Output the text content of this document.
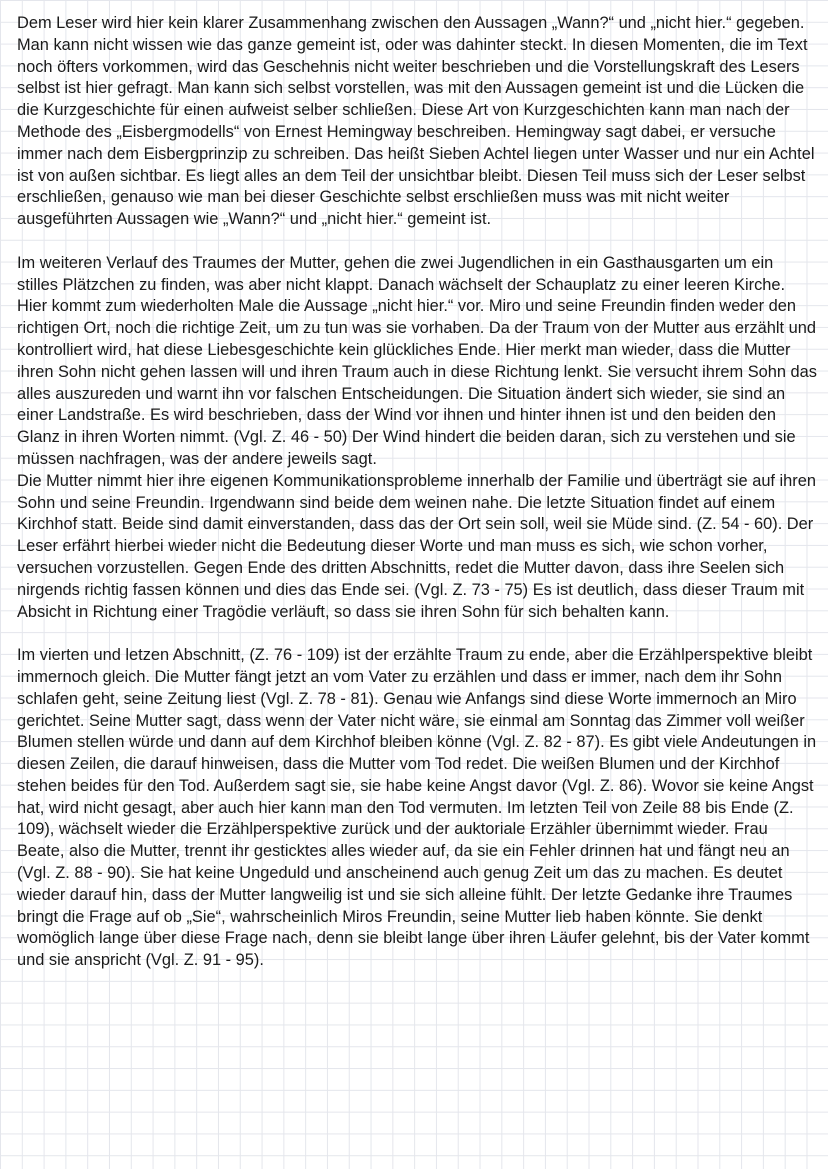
Dem Leser wird hier kein klarer Zusammenhang zwischen den Aussagen „Wann?“ und „nicht hier.“ gegeben. Man kann nicht wissen wie das ganze gemeint ist, oder was dahinter steckt. In diesen Momenten, die im Text noch öfters vorkommen, wird das Geschehnis nicht weiter beschrieben und die Vorstellungskraft des Lesers selbst ist hier gefragt. Man kann sich selbst vorstellen, was mit den Aussagen gemeint ist und die Lücken die die Kurzgeschichte für einen aufweist selber schließen. Diese Art von Kurzgeschichten kann man nach der Methode des „Eisbergmodells“ von Ernest Hemingway beschreiben. Hemingway sagt dabei, er versuche immer nach dem Eisbergprinzip zu schreiben. Das heißt Sieben Achtel liegen unter Wasser und nur ein Achtel ist von außen sichtbar. Es liegt alles an dem Teil der unsichtbar bleibt. Diesen Teil muss sich der Leser selbst erschließen, genauso wie man bei dieser Geschichte selbst erschließen muss was mit nicht weiter ausgeführten Aussagen wie „Wann?“ und „nicht hier.“ gemeint ist.

Im weiteren Verlauf des Traumes der Mutter, gehen die zwei Jugendlichen in ein Gasthausgarten um ein stilles Plätzchen zu finden, was aber nicht klappt. Danach wächselt der Schauplatz zu einer leeren Kirche. Hier kommt zum wiederholten Male die Aussage „nicht hier.“ vor. Miro und seine Freundin finden weder den richtigen Ort, noch die richtige Zeit, um zu tun was sie vorhaben. Da der Traum von der Mutter aus erzählt und kontrolliert wird, hat diese Liebesgeschichte kein glückliches Ende. Hier merkt man wieder, dass die Mutter ihren Sohn nicht gehen lassen will und ihren Traum auch in diese Richtung lenkt. Sie versucht ihrem Sohn das alles auszureden und warnt ihn vor falschen Entscheidungen. Die Situation ändert sich wieder, sie sind an einer Landstraße. Es wird beschrieben, dass der Wind vor ihnen und hinter ihnen ist und den beiden den Glanz in ihren Worten nimmt. (Vgl. Z. 46 - 50) Der Wind hindert die beiden daran, sich zu verstehen und sie müssen nachfragen, was der andere jeweils sagt.

Die Mutter nimmt hier ihre eigenen Kommunikationsprobleme innerhalb der Familie und überträgt sie auf ihren Sohn und seine Freundin. Irgendwann sind beide dem weinen nahe. Die letzte Situation findet auf einem Kirchhof statt. Beide sind damit einverstanden, dass das der Ort sein soll, weil sie Müde sind. (Z. 54 - 60). Der Leser erfährt hierbei wieder nicht die Bedeutung dieser Worte und man muss es sich, wie schon vorher, versuchen vorzustellen. Gegen Ende des dritten Abschnitts, redet die Mutter davon, dass ihre Seelen sich nirgends richtig fassen können und dies das Ende sei. (Vgl. Z. 73 - 75) Es ist deutlich, dass dieser Traum mit Absicht in Richtung einer Tragödie verläuft, so dass sie ihren Sohn für sich behalten kann.

Im vierten und letzen Abschnitt, (Z. 76 - 109) ist der erzählte Traum zu ende, aber die Erzählperspektive bleibt immernoch gleich. Die Mutter fängt jetzt an vom Vater zu erzählen und dass er immer, nach dem ihr Sohn schlafen geht, seine Zeitung liest (Vgl. Z. 78 - 81). Genau wie Anfangs sind diese Worte immernoch an Miro gerichtet. Seine Mutter sagt, dass wenn der Vater nicht wäre, sie einmal am Sonntag das Zimmer voll weißer Blumen stellen würde und dann auf dem Kirchhof bleiben könne (Vgl. Z. 82 - 87). Es gibt viele Andeutungen in diesen Zeilen, die darauf hinweisen, dass die Mutter vom Tod redet. Die weißen Blumen und der Kirchhof stehen beides für den Tod. Außerdem sagt sie, sie habe keine Angst davor (Vgl. Z. 86). Wovor sie keine Angst hat, wird nicht gesagt, aber auch hier kann man den Tod vermuten. Im letzten Teil von Zeile 88 bis Ende (Z. 109), wächselt wieder die Erzählperspektive zurück und der auktoriale Erzähler übernimmt wieder. Frau Beate, also die Mutter, trennt ihr gesticktes alles wieder auf, da sie ein Fehler drinnen hat und fängt neu an (Vgl. Z. 88 - 90). Sie hat keine Ungeduld und anscheinend auch genug Zeit um das zu machen. Es deutet wieder darauf hin, dass der Mutter langweilig ist und sie sich alleine fühlt. Der letzte Gedanke ihre Traumes bringt die Frage auf ob „Sie“, wahrscheinlich Miros Freundin, seine Mutter lieb haben könnte. Sie denkt womöglich lange über diese Frage nach, denn sie bleibt lange über ihren Läufer gelehnt, bis der Vater kommt und sie anspricht (Vgl. Z. 91 - 95).
